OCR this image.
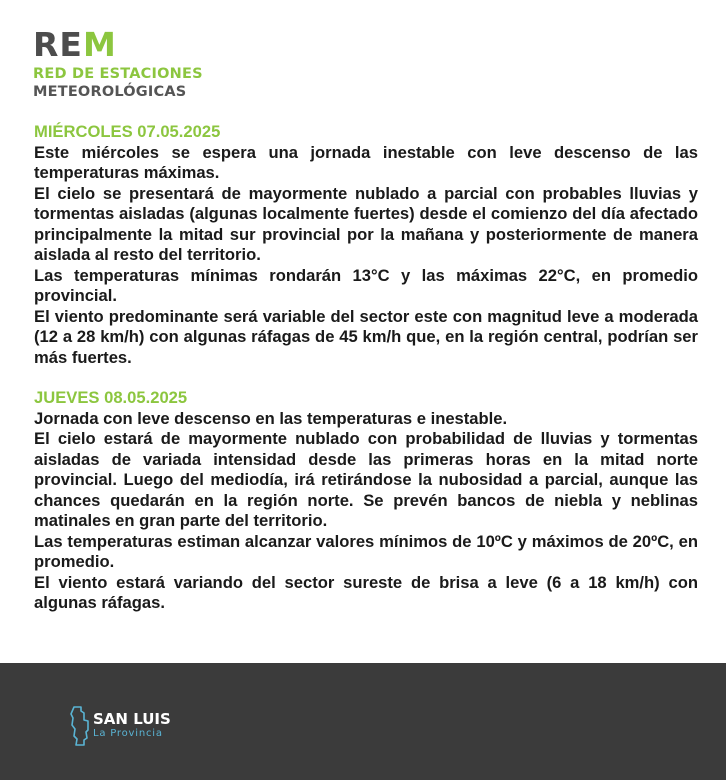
REM
RED DE ESTACIONES
METEOROLÓGICAS
MIÉRCOLES 07.05.2025
Este miércoles se espera una jornada inestable con leve descenso de las temperaturas máximas.
El cielo se presentará de mayormente nublado a parcial con probables lluvias y tormentas aisladas (algunas localmente fuertes) desde el comienzo del día afectado principalmente la mitad sur provincial por la mañana y posteriormente de manera aislada al resto del territorio.
Las temperaturas mínimas rondarán 13°C y las máximas 22°C, en promedio provincial.
El viento predominante será variable del sector este con magnitud leve a moderada (12 a 28 km/h) con algunas ráfagas de 45 km/h que, en la región central, podrían ser más fuertes.
JUEVES 08.05.2025
Jornada con leve descenso en las temperaturas e inestable.
El cielo estará de mayormente nublado con probabilidad de lluvias y tormentas aisladas de variada intensidad desde las primeras horas en la mitad norte provincial. Luego del mediodía, irá retirándose la nubosidad a parcial, aunque las chances quedarán en la región norte. Se prevén bancos de niebla y neblinas matinales en gran parte del territorio.
Las temperaturas estiman alcanzar valores mínimos de 10ºC y máximos de 20ºC, en promedio.
El viento estará variando del sector sureste de brisa a leve (6 a 18 km/h) con algunas ráfagas.
SAN LUIS
La Provincia
